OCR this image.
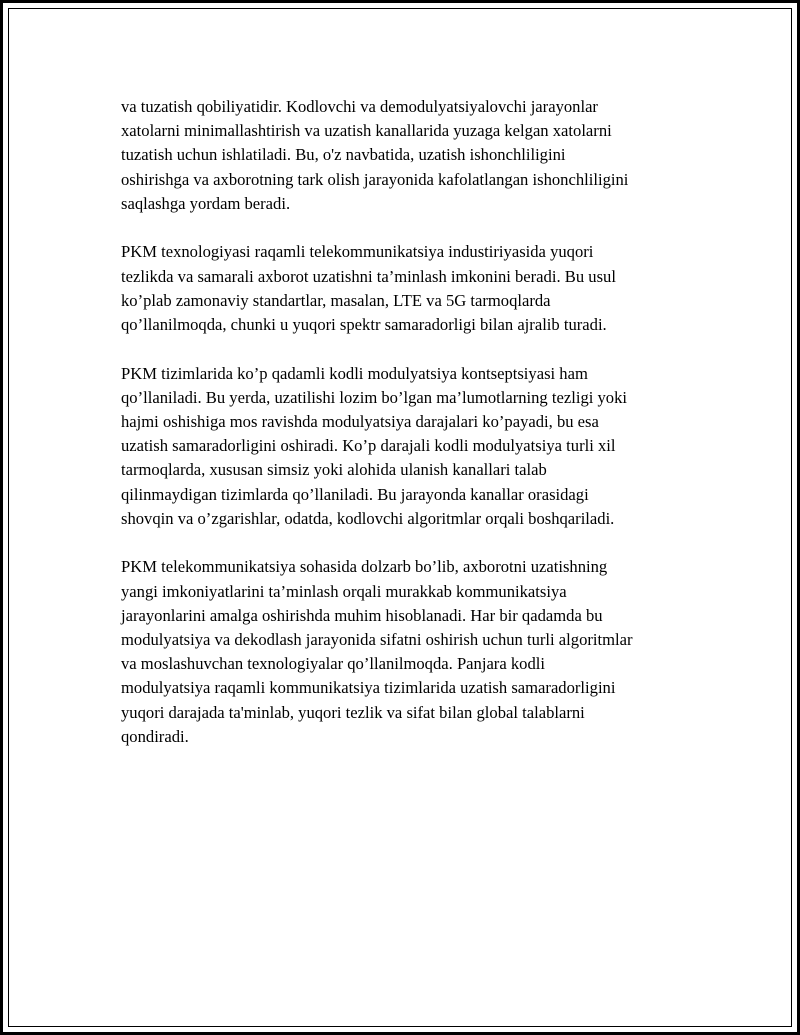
va tuzatish qobiliyatidir. Kodlovchi va demodulyatsiyalovchi jarayonlar
xatolarni minimallashtirish va uzatish kanallarida yuzaga kelgan xatolarni
tuzatish uchun ishlatiladi. Bu, o'z navbatida, uzatish ishonchliligini
oshirishga va axborotning tark olish jarayonida kafolatlangan ishonchliligini
saqlashga yordam beradi.

PKM texnologiyasi raqamli telekommunikatsiya industiriyasida yuqori
tezlikda va samarali axborot uzatishni ta’minlash imkonini beradi. Bu usul
ko’plab zamonaviy standartlar, masalan, LTE va 5G tarmoqlarda
qo’llanilmoqda, chunki u yuqori spektr samaradorligi bilan ajralib turadi.

PKM tizimlarida ko’p qadamli kodli modulyatsiya kontseptsiyasi ham
qo’llaniladi. Bu yerda, uzatilishi lozim bo’lgan ma’lumotlarning tezligi yoki
hajmi oshishiga mos ravishda modulyatsiya darajalari ko’payadi, bu esa
uzatish samaradorligini oshiradi. Ko’p darajali kodli modulyatsiya turli xil
tarmoqlarda, xususan simsiz yoki alohida ulanish kanallari talab
qilinmaydigan tizimlarda qo’llaniladi. Bu jarayonda kanallar orasidagi
shovqin va o’zgarishlar, odatda, kodlovchi algoritmlar orqali boshqariladi.

PKM telekommunikatsiya sohasida dolzarb bo’lib, axborotni uzatishning
yangi imkoniyatlarini ta’minlash orqali murakkab kommunikatsiya
jarayonlarini amalga oshirishda muhim hisoblanadi. Har bir qadamda bu
modulyatsiya va dekodlash jarayonida sifatni oshirish uchun turli algoritmlar
va moslashuvchan texnologiyalar qo’llanilmoqda. Panjara kodli
modulyatsiya raqamli kommunikatsiya tizimlarida uzatish samaradorligini
yuqori darajada ta'minlab, yuqori tezlik va sifat bilan global talablarni
qondiradi.
